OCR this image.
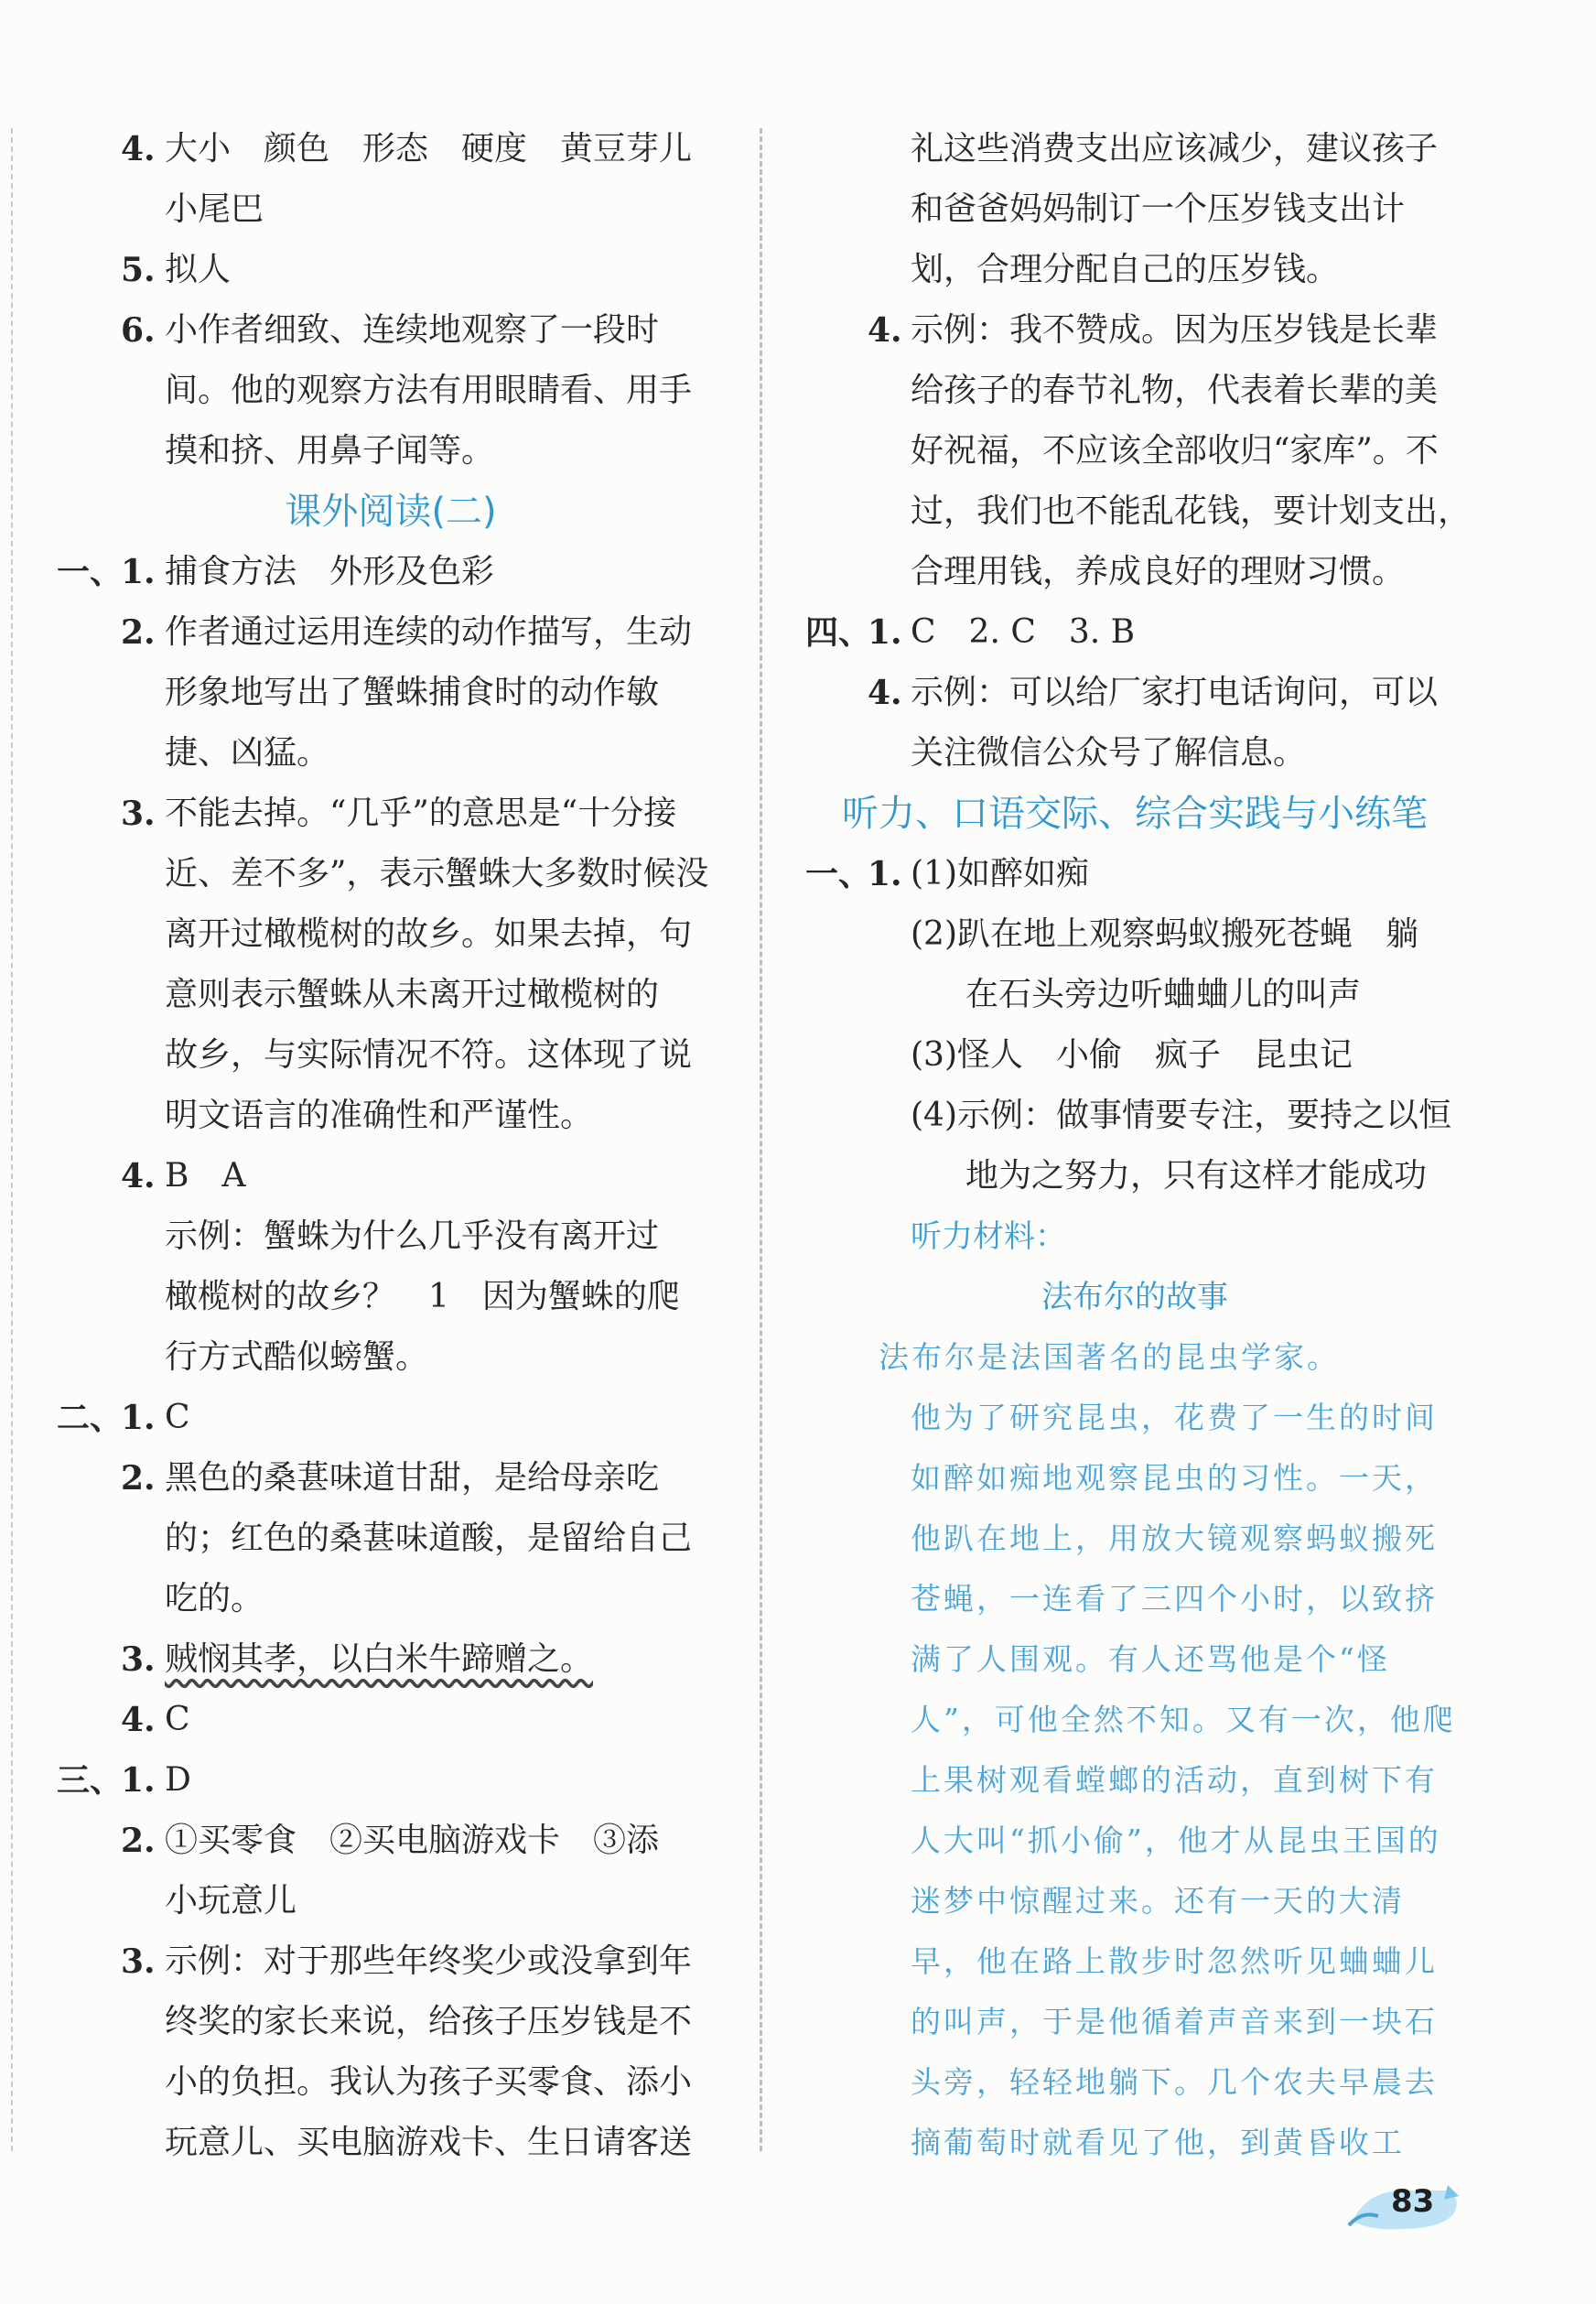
4. 大小　颜色　形态　硬度　黄豆芽儿
小尾巴
5. 拟人
6. 小作者细致、连续地观察了一段时
间。他的观察方法有用眼睛看、用手
摸和挤、用鼻子闻等。
课外阅读(二)
一、
1. 捕食方法　外形及色彩
2. 作者通过运用连续的动作描写，生动
形象地写出了蟹蛛捕食时的动作敏
捷、凶猛。
3. 不能去掉。“几乎”的意思是“十分接
近、差不多”，表示蟹蛛大多数时候没
离开过橄榄树的故乡。如果去掉，句
意则表示蟹蛛从未离开过橄榄树的
故乡，与实际情况不符。这体现了说
明文语言的准确性和严谨性。
4. B　A
示例：蟹蛛为什么几乎没有离开过
橄榄树的故乡？　1　因为蟹蛛的爬
行方式酷似螃蟹。
二、
1. C
2. 黑色的桑葚味道甘甜，是给母亲吃
的；红色的桑葚味道酸，是留给自己
吃的。
3. 贼悯其孝，以白米牛蹄赠之。
4. C
三、
1. D
2. ①买零食　②买电脑游戏卡　③添
小玩意儿
3. 示例：对于那些年终奖少或没拿到年
终奖的家长来说，给孩子压岁钱是不
小的负担。我认为孩子买零食、添小
玩意儿、买电脑游戏卡、生日请客送
礼这些消费支出应该减少，建议孩子
和爸爸妈妈制订一个压岁钱支出计
划，合理分配自己的压岁钱。
4. 示例：我不赞成。因为压岁钱是长辈
给孩子的春节礼物，代表着长辈的美
好祝福，不应该全部收归“家库”。不
过，我们也不能乱花钱，要计划支出，
合理用钱，养成良好的理财习惯。
四、
1. C　2. C　3. B
4. 示例：可以给厂家打电话询问，可以
关注微信公众号了解信息。
听力、口语交际、综合实践与小练笔
一、
1. (1)如醉如痴
(2)趴在地上观察蚂蚁搬死苍蝇　躺
在石头旁边听蛐蛐儿的叫声
(3)怪人　小偷　疯子　昆虫记
(4)示例：做事情要专注，要持之以恒
地为之努力，只有这样才能成功
听力材料：
法布尔的故事
法布尔是法国著名的昆虫学家。
他为了研究昆虫，花费了一生的时间
如醉如痴地观察昆虫的习性。一天，
他趴在地上，用放大镜观察蚂蚁搬死
苍蝇，一连看了三四个小时，以致挤
满了人围观。有人还骂他是个“怪
人”，可他全然不知。又有一次，他爬
上果树观看螳螂的活动，直到树下有
人大叫“抓小偷”，他才从昆虫王国的
迷梦中惊醒过来。还有一天的大清
早，他在路上散步时忽然听见蛐蛐儿
的叫声，于是他循着声音来到一块石
头旁，轻轻地躺下。几个农夫早晨去
摘葡萄时就看见了他，到黄昏收工
83
